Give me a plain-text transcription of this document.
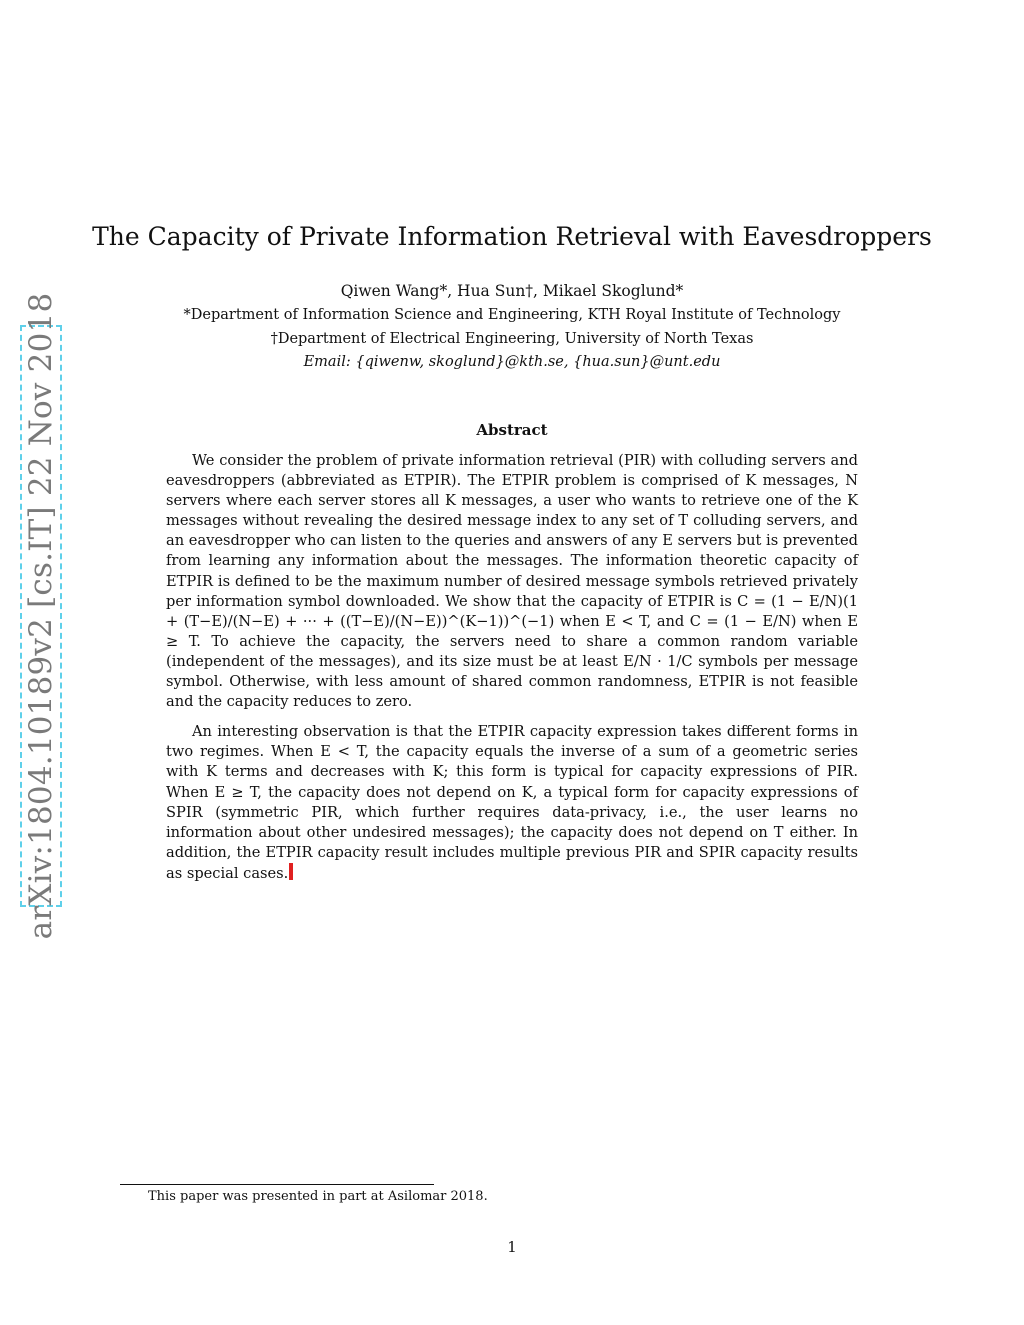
arXiv:1804.10189v2 [cs.IT] 22 Nov 2018
The Capacity of Private Information Retrieval with Eavesdroppers
Qiwen Wang*, Hua Sun†, Mikael Skoglund*
*Department of Information Science and Engineering, KTH Royal Institute of Technology
†Department of Electrical Engineering, University of North Texas
Email: {qiwenw, skoglund}@kth.se, {hua.sun}@unt.edu
Abstract

We consider the problem of private information retrieval (PIR) with colluding servers and eavesdroppers (abbreviated as ETPIR). The ETPIR problem is comprised of K messages, N servers where each server stores all K messages, a user who wants to retrieve one of the K messages without revealing the desired message index to any set of T colluding servers, and an eavesdropper who can listen to the queries and answers of any E servers but is prevented from learning any information about the messages. The information theoretic capacity of ETPIR is defined to be the maximum number of desired message symbols retrieved privately per information symbol downloaded. We show that the capacity of ETPIR is C = (1 − E/N)(1 + (T−E)/(N−E) + ··· + ((T−E)/(N−E))^(K−1))^(−1) when E < T, and C = (1 − E/N) when E ≥ T. To achieve the capacity, the servers need to share a common random variable (independent of the messages), and its size must be at least E/N · 1/C symbols per message symbol. Otherwise, with less amount of shared common randomness, ETPIR is not feasible and the capacity reduces to zero.

An interesting observation is that the ETPIR capacity expression takes different forms in two regimes. When E < T, the capacity equals the inverse of a sum of a geometric series with K terms and decreases with K; this form is typical for capacity expressions of PIR. When E ≥ T, the capacity does not depend on K, a typical form for capacity expressions of SPIR (symmetric PIR, which further requires data-privacy, i.e., the user learns no information about other undesired messages); the capacity does not depend on T either. In addition, the ETPIR capacity result includes multiple previous PIR and SPIR capacity results as special cases.

This paper was presented in part at Asilomar 2018.
1
